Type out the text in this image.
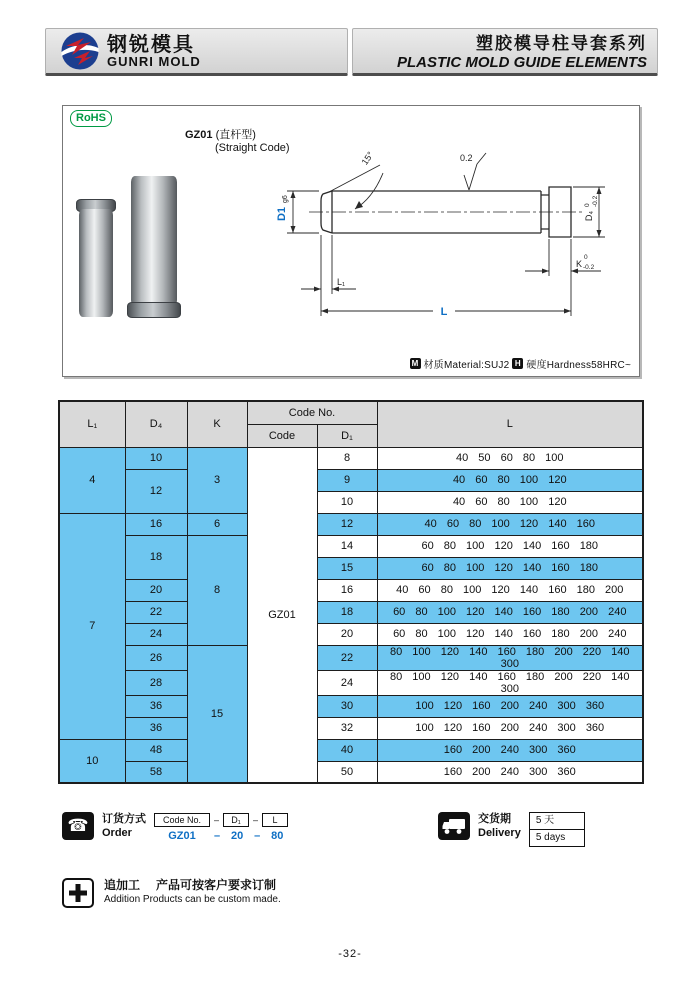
钢锐模具
GUNRI MOLD
塑胶模导柱导套系列
PLASTIC MOLD GUIDE ELEMENTS
RoHS
GZ01 (直杆型)
(Straight Code)
15°	0.2
D1
g6
D₄
0 -0.2
K
0
-0.2
L₁
L
M 材质Material:SUJ2 H 硬度Hardness58HRC~
L₁	D₄	K	Code No.		L
			Code	D₁	
4	10	3	GZ01	8	40 50 60 80 100
	12			9	40 60 80 100 120
				10	40 60 80 100 120
7	16	6		12	40 60 80 100 120 140 160
	18	8		14	60 80 100 120 140 160 180
				15	60 80 100 120 140 160 180
	20			16	40 60 80 100 120 140 160 180 200
	22			18	60 80 100 120 140 160 180 200 240
	24			20	60 80 100 120 140 160 180 200 240
	26	15		22	80 100 120 140 160 180 200 220 140 300
	28			24	80 100 120 140 160 180 200 220 140 300
	36			30	100 120 160 200 240 300 360
	36			32	100 120 160 200 240 300 360
10	48			40	160 200 240 300 360
	58			50	160 200 240 300 360
☎	订货方式
Order
Code No.	–	D₁	–	L
GZ01	– 20 – 80
交货期
Delivery
5 天
5 days
追加工 产品可按客户要求订制
Addition Products can be custom made.
-32-
